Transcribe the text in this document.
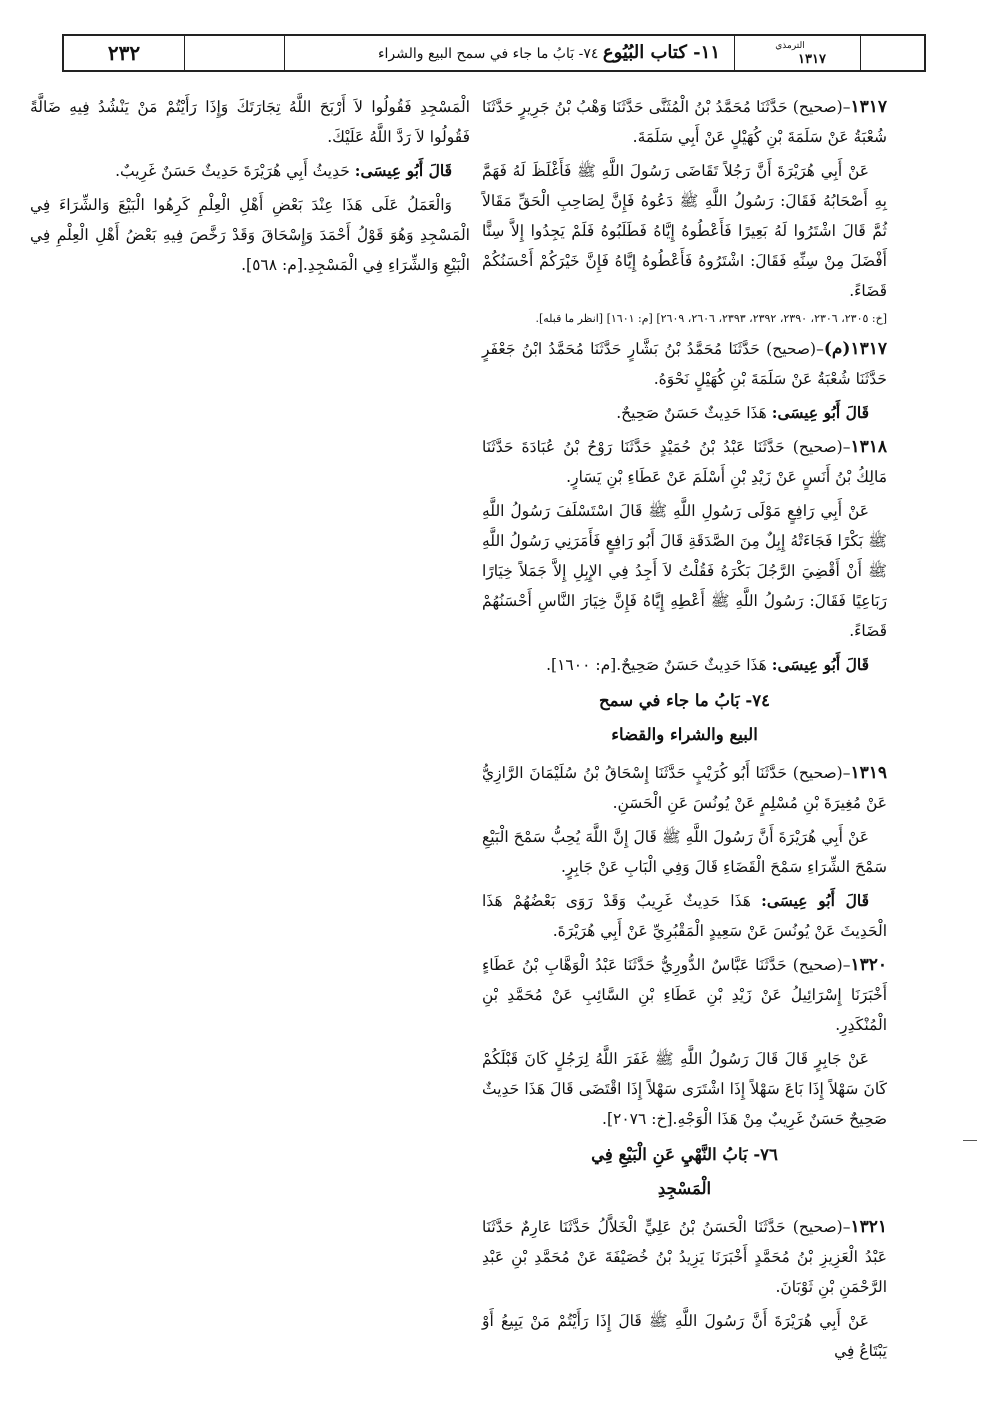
٢٣٢	١١- كتاب البُيُوع ٧٤- بَابُ ما جاء في سمح البيع والشراء	الترمذي
١٣١٧

١٣١٧–(صحيح) حَدَّثَنَا مُحَمَّدُ بْنُ الْمُثَنَّى حَدَّثَنَا وَهْبُ بْنُ جَرِيرٍ حَدَّثَنَا شُعْبَةُ عَنْ سَلَمَةَ بْنِ كُهَيْلٍ عَنْ أَبِي سَلَمَةَ.

عَنْ أَبِي هُرَيْرَةَ أَنَّ رَجُلاً تَقَاضَى رَسُولَ اللَّهِ ﷺ فَأَغْلَظَ لَهُ فَهَمَّ بِهِ أَصْحَابُهُ فَقَالَ: رَسُولُ اللَّهِ ﷺ دَعُوهُ فَإِنَّ لِصَاحِبِ الْحَقِّ مَقَالاً ثُمَّ قَالَ اشْتَرُوا لَهُ بَعِيرًا فَأَعْطُوهُ إِيَّاهُ فَطَلَبُوهُ فَلَمْ يَجِدُوا إِلاَّ سِنًّا أَفْضَلَ مِنْ سِنِّهِ فَقَالَ: اشْتَرُوهُ فَأَعْطُوهُ إِيَّاهُ فَإِنَّ خَيْرَكُمْ أَحْسَنُكُمْ قَضَاءً.

[خ: ٢٣٠٥، ٢٣٠٦، ٢٣٩٠، ٢٣٩٢، ٢٣٩٣، ٢٦٠٦، ٢٦٠٩] [م: ١٦٠١] [انظر ما قبله].

١٣١٧(م)–(صحيح) حَدَّثَنَا مُحَمَّدُ بْنُ بَشَّارٍ حَدَّثَنَا مُحَمَّدُ ابْنُ جَعْفَرٍ حَدَّثَنَا شُعْبَةُ عَنْ سَلَمَةَ بْنِ كُهَيْلٍ نَحْوَهُ.

قَالَ أَبُو عِيسَى: هَذَا حَدِيثٌ حَسَنٌ صَحِيحٌ.

١٣١٨–(صحيح) حَدَّثَنَا عَبْدُ بْنُ حُمَيْدٍ حَدَّثَنَا رَوْحُ بْنُ عُبَادَةَ حَدَّثَنَا مَالِكُ بْنُ أَنَسٍ عَنْ زَيْدِ بْنِ أَسْلَمَ عَنْ عَطَاءِ بْنِ يَسَارٍ.

عَنْ أَبِي رَافِعٍ مَوْلَى رَسُولِ اللَّهِ ﷺ قَالَ اسْتَسْلَفَ رَسُولُ اللَّهِ ﷺ بَكْرًا فَجَاءَتْهُ إِبِلٌ مِنَ الصَّدَقَةِ قَالَ أَبُو رَافِعٍ فَأَمَرَنِي رَسُولُ اللَّهِ ﷺ أَنْ أَقْضِيَ الرَّجُلَ بَكْرَهُ فَقُلْتُ لاَ أَجِدُ فِي الإِبِلِ إِلاَّ جَمَلاً خِيَارًا رَبَاعِيًا فَقَالَ: رَسُولُ اللَّهِ ﷺ أَعْطِهِ إِيَّاهُ فَإِنَّ خِيَارَ النَّاسِ أَحْسَنُهُمْ قَضَاءً.

قَالَ أَبُو عِيسَى: هَذَا حَدِيثٌ حَسَنٌ صَحِيحٌ.[م: ١٦٠٠].

٧٤- بَابُ ما جاء في سمح
البيع والشراء والقضاء

١٣١٩–(صحيح) حَدَّثَنَا أَبُو كُرَيْبٍ حَدَّثَنَا إِسْحَاقُ بْنُ سُلَيْمَانَ الرَّازِيُّ عَنْ مُغِيرَةَ بْنِ مُسْلِمٍ عَنْ يُونُسَ عَنِ الْحَسَنِ.

عَنْ أَبِي هُرَيْرَةَ أَنَّ رَسُولَ اللَّهِ ﷺ قَالَ إِنَّ اللَّهَ يُحِبُّ سَمْحَ الْبَيْعِ سَمْحَ الشِّرَاءِ سَمْحَ الْقَضَاءِ قَالَ وَفِي الْبَابِ عَنْ جَابِرٍ.

قَالَ أَبُو عِيسَى: هَذَا حَدِيثٌ غَرِيبٌ وَقَدْ رَوَى بَعْضُهُمْ هَذَا الْحَدِيثَ عَنْ يُونُسَ عَنْ سَعِيدٍ الْمَقْبُرِيِّ عَنْ أَبِي هُرَيْرَةَ.

١٣٢٠–(صحيح) حَدَّثَنَا عَبَّاسٌ الدُّورِيُّ حَدَّثَنَا عَبْدُ الْوَهَّابِ بْنُ عَطَاءٍ أَخْبَرَنَا إِسْرَائِيلُ عَنْ زَيْدِ بْنِ عَطَاءِ بْنِ السَّائِبِ عَنْ مُحَمَّدِ بْنِ الْمُنْكَدِرِ.

عَنْ جَابِرٍ قَالَ قَالَ رَسُولُ اللَّهِ ﷺ غَفَرَ اللَّهُ لِرَجُلٍ كَانَ قَبْلَكُمْ كَانَ سَهْلاً إِذَا بَاعَ سَهْلاً إِذَا اشْتَرَى سَهْلاً إِذَا اقْتَضَى قَالَ هَذَا حَدِيثٌ صَحِيحٌ حَسَنٌ غَرِيبٌ مِنْ هَذَا الْوَجْهِ.[خ: ٢٠٧٦].

٧٦- بَابُ النَّهْيِ عَنِ الْبَيْعِ فِي
الْمَسْجِدِ

١٣٢١–(صحيح) حَدَّثَنَا الْحَسَنُ بْنُ عَلِيٍّ الْخَلاَّلُ حَدَّثَنَا عَارِمٌ حَدَّثَنَا عَبْدُ الْعَزِيزِ بْنُ مُحَمَّدٍ أَخْبَرَنَا يَزِيدُ بْنُ خُصَيْفَةَ عَنْ مُحَمَّدِ بْنِ عَبْدِ الرَّحْمَنِ بْنِ ثَوْبَانَ.

عَنْ أَبِي هُرَيْرَةَ أَنَّ رَسُولَ اللَّهِ ﷺ قَالَ إِذَا رَأَيْتُمْ مَنْ يَبِيعُ أَوْ يَبْتَاعُ فِي

الْمَسْجِدِ فَقُولُوا لاَ أَرْبَحَ اللَّهُ تِجَارَتَكَ وَإِذَا رَأَيْتُمْ مَنْ يَنْشُدُ فِيهِ ضَالَّةً فَقُولُوا لاَ رَدَّ اللَّهُ عَلَيْكَ.

قَالَ أَبُو عِيسَى: حَدِيثُ أَبِي هُرَيْرَةَ حَدِيثٌ حَسَنٌ غَرِيبٌ.

وَالْعَمَلُ عَلَى هَذَا عِنْدَ بَعْضِ أَهْلِ الْعِلْمِ كَرِهُوا الْبَيْعَ وَالشِّرَاءَ فِي الْمَسْجِدِ وَهُوَ قَوْلُ أَحْمَدَ وَإِسْحَاقَ وَقَدْ رَخَّصَ فِيهِ بَعْضُ أَهْلِ الْعِلْمِ فِي الْبَيْعِ وَالشِّرَاءِ فِي الْمَسْجِدِ.[م: ٥٦٨].
